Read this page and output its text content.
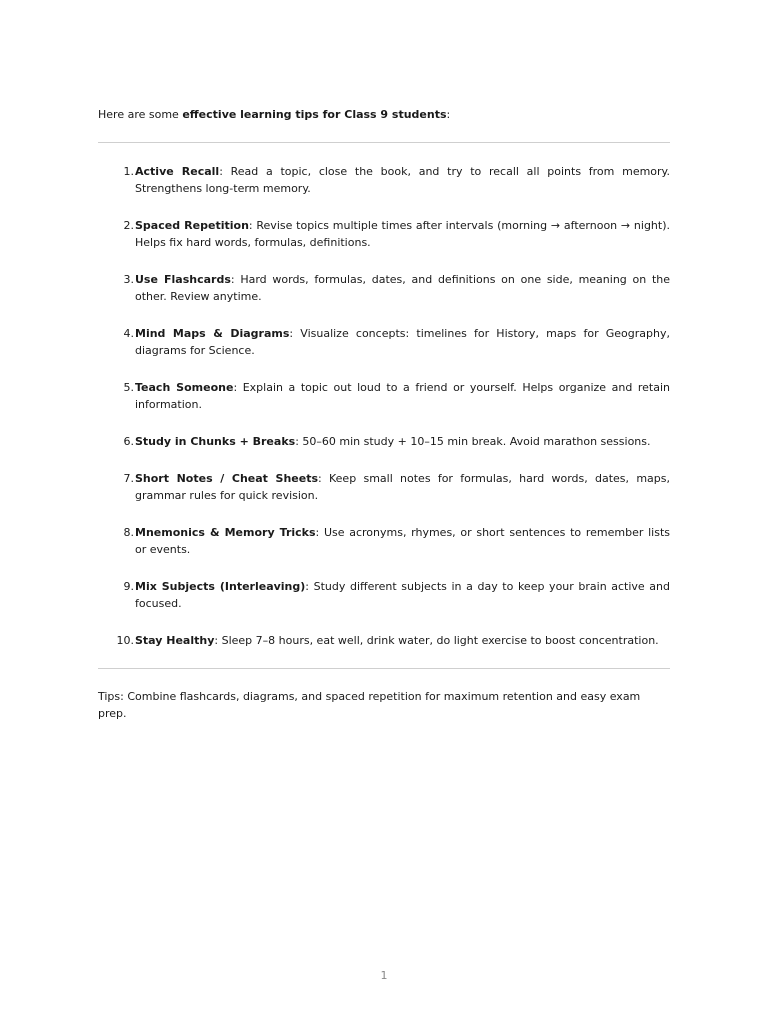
Here are some effective learning tips for Class 9 students:

1. Active Recall: Read a topic, close the book, and try to recall all points from memory. Strengthens long-term memory.
2. Spaced Repetition: Revise topics multiple times after intervals (morning → afternoon → night). Helps fix hard words, formulas, definitions.
3. Use Flashcards: Hard words, formulas, dates, and definitions on one side, meaning on the other. Review anytime.
4. Mind Maps & Diagrams: Visualize concepts: timelines for History, maps for Geography, diagrams for Science.
5. Teach Someone: Explain a topic out loud to a friend or yourself. Helps organize and retain information.
6. Study in Chunks + Breaks: 50–60 min study + 10–15 min break. Avoid marathon sessions.
7. Short Notes / Cheat Sheets: Keep small notes for formulas, hard words, dates, maps, grammar rules for quick revision.
8. Mnemonics & Memory Tricks: Use acronyms, rhymes, or short sentences to remember lists or events.
9. Mix Subjects (Interleaving): Study different subjects in a day to keep your brain active and focused.
10. Stay Healthy: Sleep 7–8 hours, eat well, drink water, do light exercise to boost concentration.

Tips: Combine flashcards, diagrams, and spaced repetition for maximum retention and easy exam prep.

1
